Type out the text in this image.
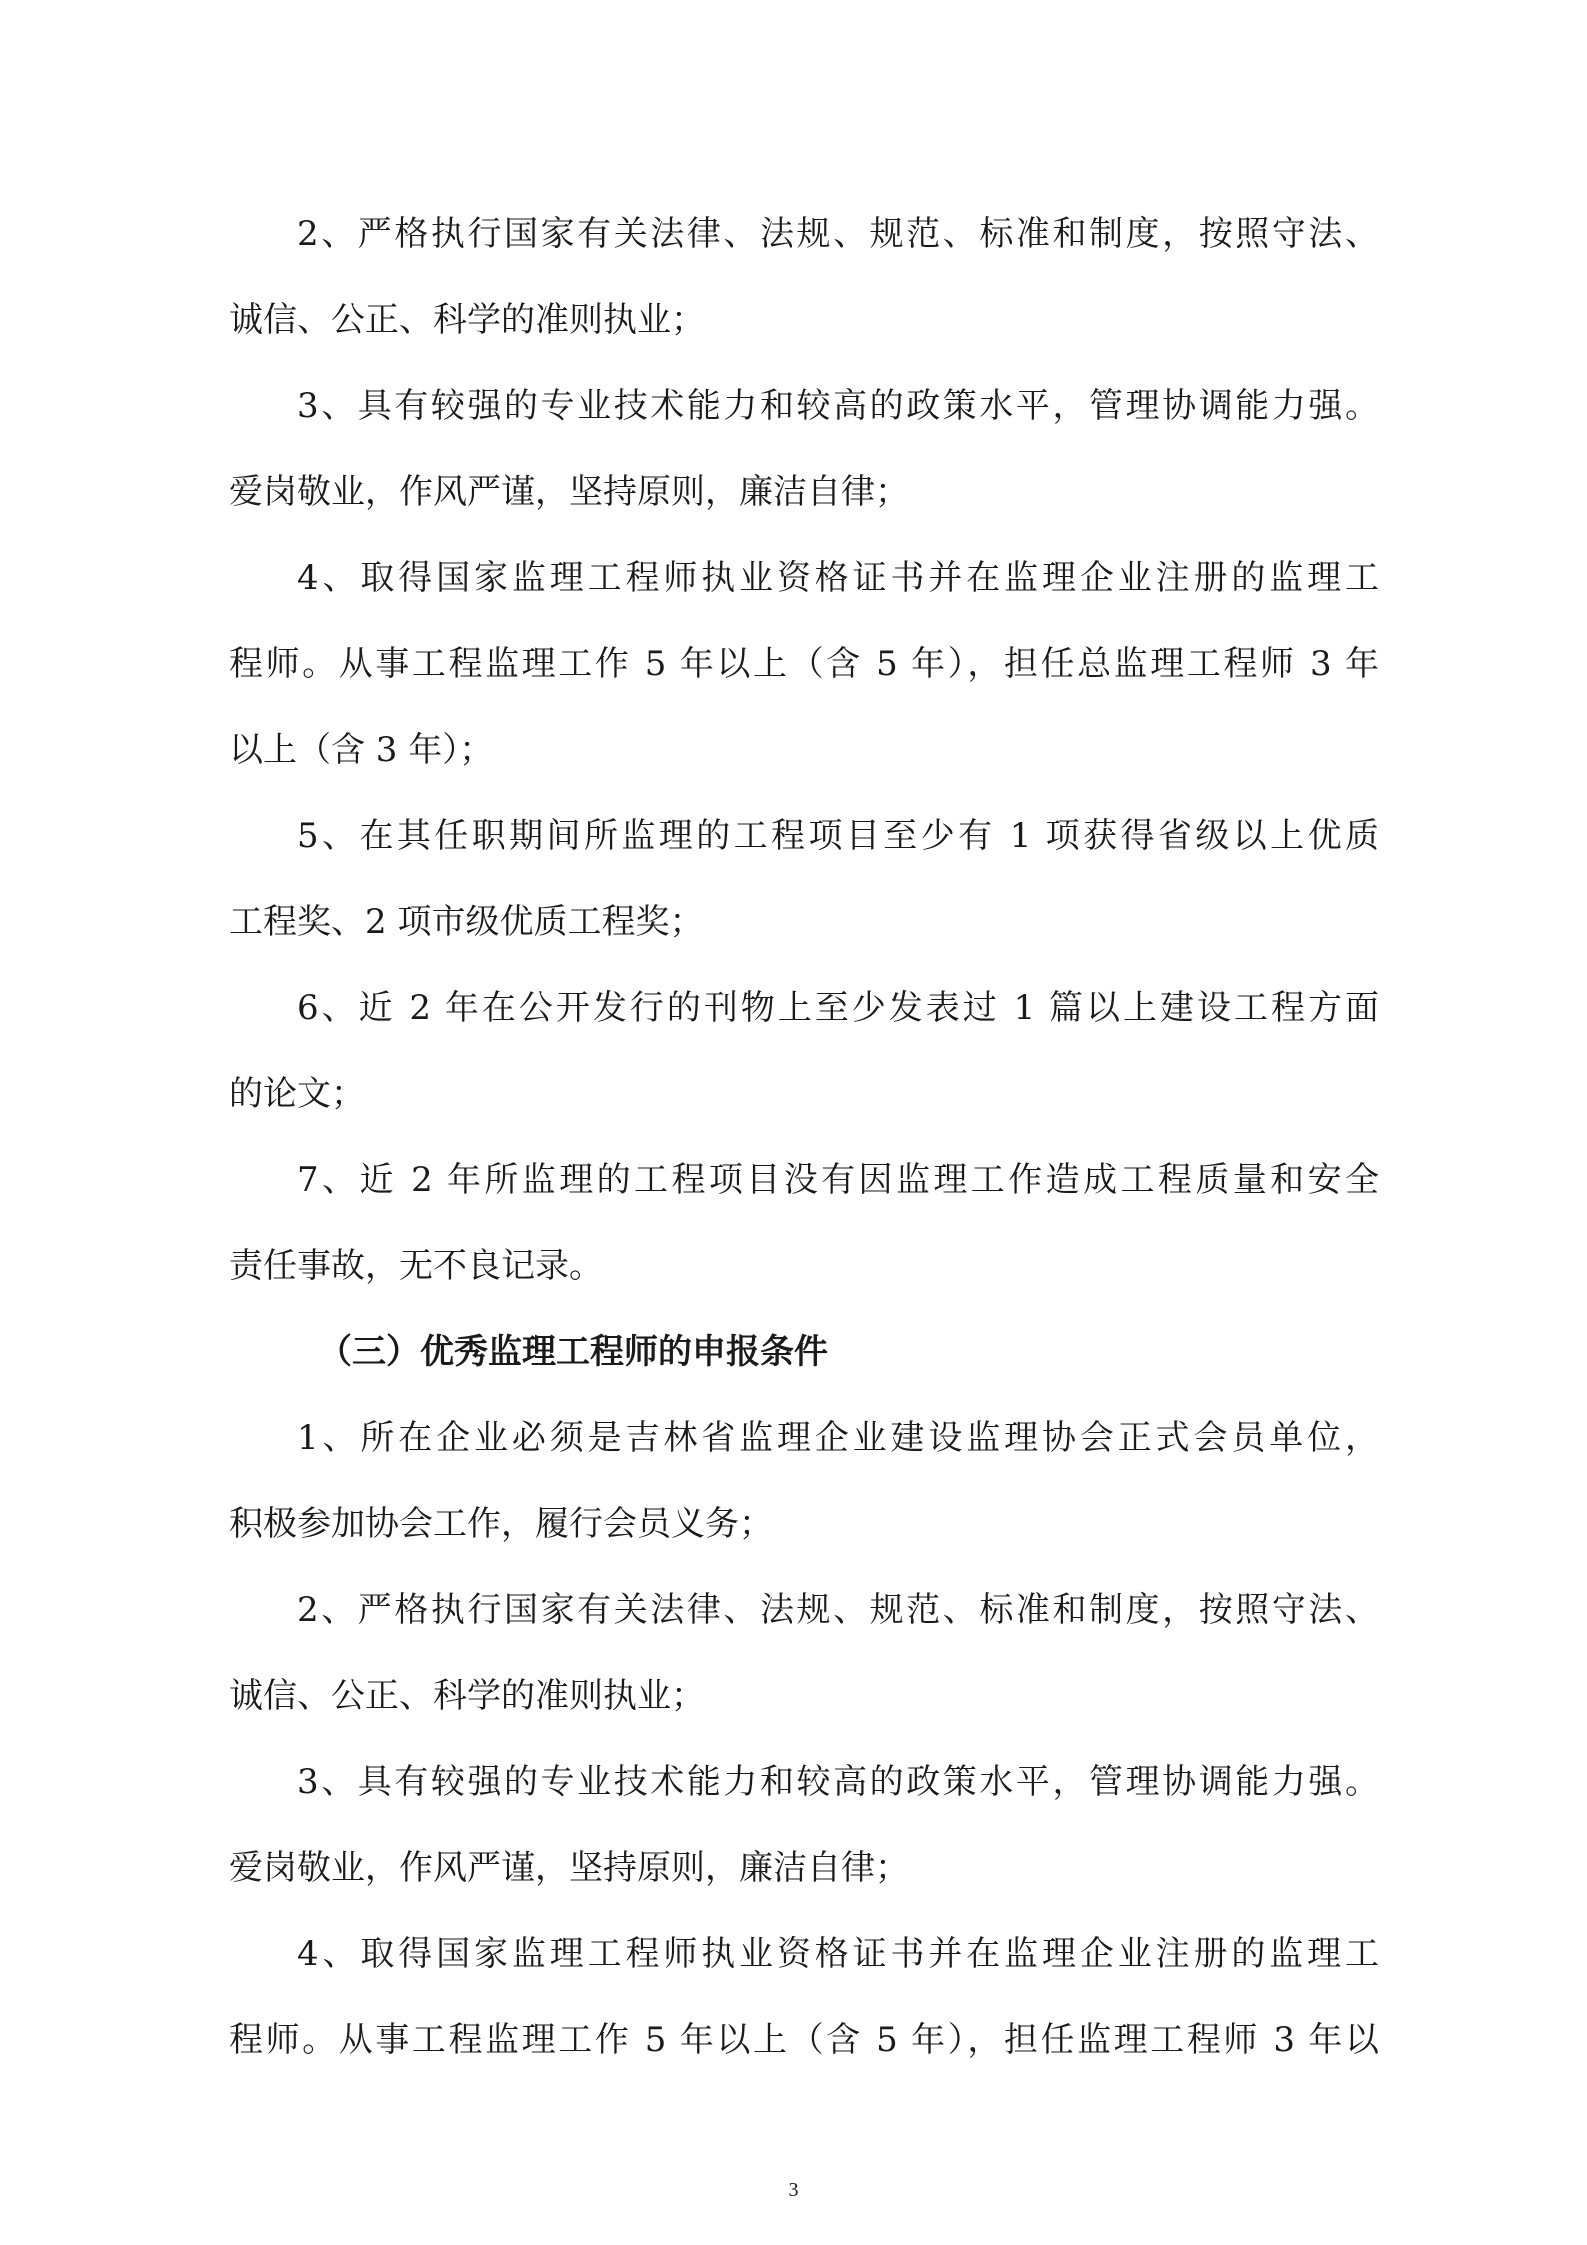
2、严格执行国家有关法律、法规、规范、标准和制度，按照守法、
诚信、公正、科学的准则执业；
3、具有较强的专业技术能力和较高的政策水平，管理协调能力强。
爱岗敬业，作风严谨，坚持原则，廉洁自律；
4、取得国家监理工程师执业资格证书并在监理企业注册的监理工
程师。从事工程监理工作 5 年以上（含 5 年），担任总监理工程师 3 年
以上（含 3 年）；
5、在其任职期间所监理的工程项目至少有 1 项获得省级以上优质
工程奖、2 项市级优质工程奖；
6、近 2 年在公开发行的刊物上至少发表过 1 篇以上建设工程方面
的论文；
7、近 2 年所监理的工程项目没有因监理工作造成工程质量和安全
责任事故，无不良记录。
（三）优秀监理工程师的申报条件
1、所在企业必须是吉林省监理企业建设监理协会正式会员单位，
积极参加协会工作，履行会员义务；
2、严格执行国家有关法律、法规、规范、标准和制度，按照守法、
诚信、公正、科学的准则执业；
3、具有较强的专业技术能力和较高的政策水平，管理协调能力强。
爱岗敬业，作风严谨，坚持原则，廉洁自律；
4、取得国家监理工程师执业资格证书并在监理企业注册的监理工
程师。从事工程监理工作 5 年以上（含 5 年），担任监理工程师 3 年以
3
